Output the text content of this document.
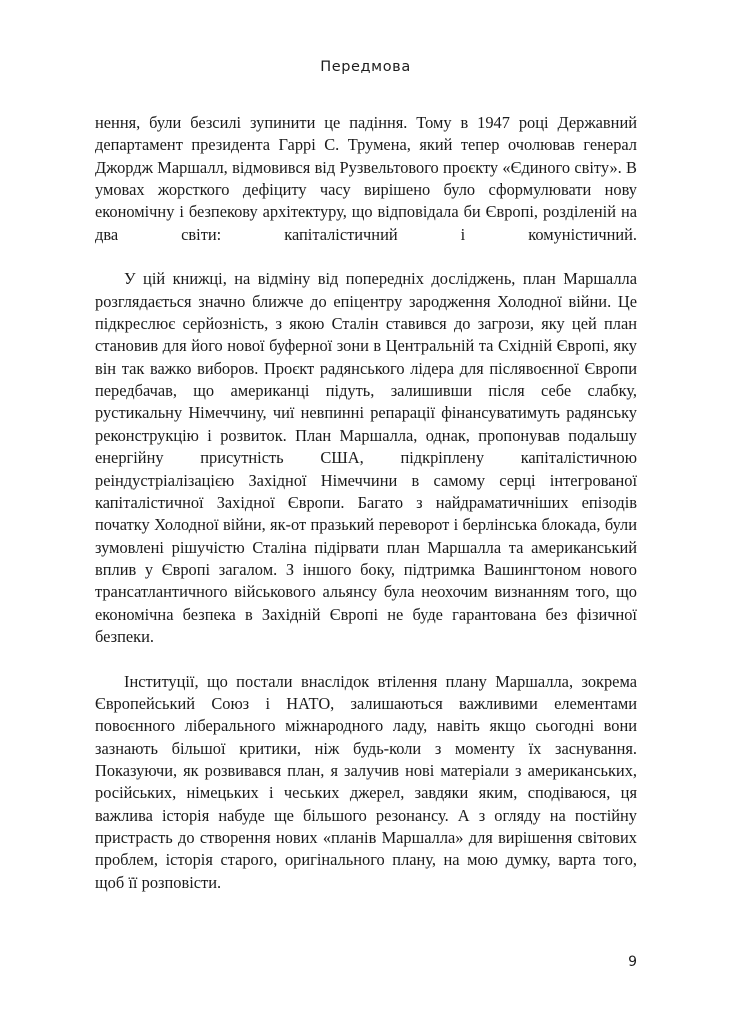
Передмова

нення, були безсилі зупинити це падіння. Тому в 1947 році Державний департамент президента Гаррі С. Трумена, який тепер очолював генерал Джордж Маршалл, відмовився від Рузвельтового проєкту «Єдиного світу». В умовах жорсткого дефіциту часу вирішено було сформулювати нову економічну і безпекову архітектуру, що відповідала би Європі, розділеній на два світи: капіталістичний і комуністичний.

У цій книжці, на відміну від попередніх досліджень, план Маршалла розглядається значно ближче до епіцентру зародження Холодної війни. Це підкреслює серйозність, з якою Сталін ставився до загрози, яку цей план становив для його нової буферної зони в Центральній та Східній Європі, яку він так важко виборов. Проєкт радянського лідера для післявоєнної Європи передбачав, що американці підуть, залишивши після себе слабку, рустикальну Німеччину, чиї невпинні репарації фінансуватимуть радянську реконструкцію і розвиток. План Маршалла, однак, пропонував подальшу енергійну присутність США, підкріплену капіталістичною реіндустріалізацією Західної Німеччини в самому серці інтегрованої капіталістичної Західної Європи. Багато з найдраматичніших епізодів початку Холодної війни, як-от празький переворот і берлінська блокада, були зумовлені рішучістю Сталіна підірвати план Маршалла та американський вплив у Європі загалом. З іншого боку, підтримка Вашингтоном нового трансатлантичного військового альянсу була неохочим визнанням того, що економічна безпека в Західній Європі не буде гарантована без фізичної безпеки.

Інституції, що постали внаслідок втілення плану Маршалла, зокрема Європейський Союз і НАТО, залишаються важливими елементами повоєнного ліберального міжнародного ладу, навіть якщо сьогодні вони зазнають більшої критики, ніж будь-коли з моменту їх заснування. Показуючи, як розвивався план, я залучив нові матеріали з американських, російських, німецьких і чеських джерел, завдяки яким, сподіваюся, ця важлива історія набуде ще більшого резонансу. А з огляду на постійну пристрасть до створення нових «планів Маршалла» для вирішення світових проблем, історія старого, оригінального плану, на мою думку, варта того, щоб її розповісти.

9
